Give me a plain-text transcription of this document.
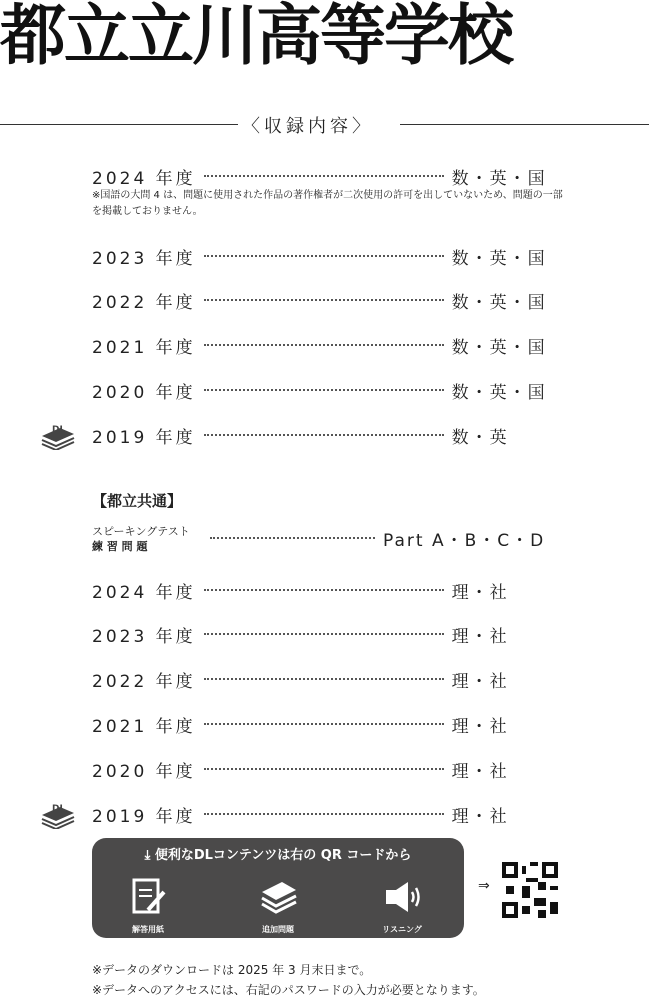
都立立川高等学校
〈収録内容〉
2024 年度	数・英・国
2023 年度	数・英・国
2022 年度	数・英・国
2021 年度	数・英・国
2020 年度	数・英・国
2019 年度	数・英
DL
2024 年度	理・社
2023 年度	理・社
2022 年度	理・社
2021 年度	理・社
2020 年度	理・社
2019 年度	理・社
DL
※国語の大問 4 は、問題に使用された作品の著作権者が二次使用の許可を出していないため、問題の一部を掲載しておりません。
【都立共通】
スピーキングテスト
練 習 問 題	Part A・B・C・D
⤓ 便利なDLコンテンツは右の QR コードから
解答用紙	追加問題	リスニング
⇒
※データのダウンロードは 2025 年 3 月末日まで。
※データへのアクセスには、右記のパスワードの入力が必要となります。
